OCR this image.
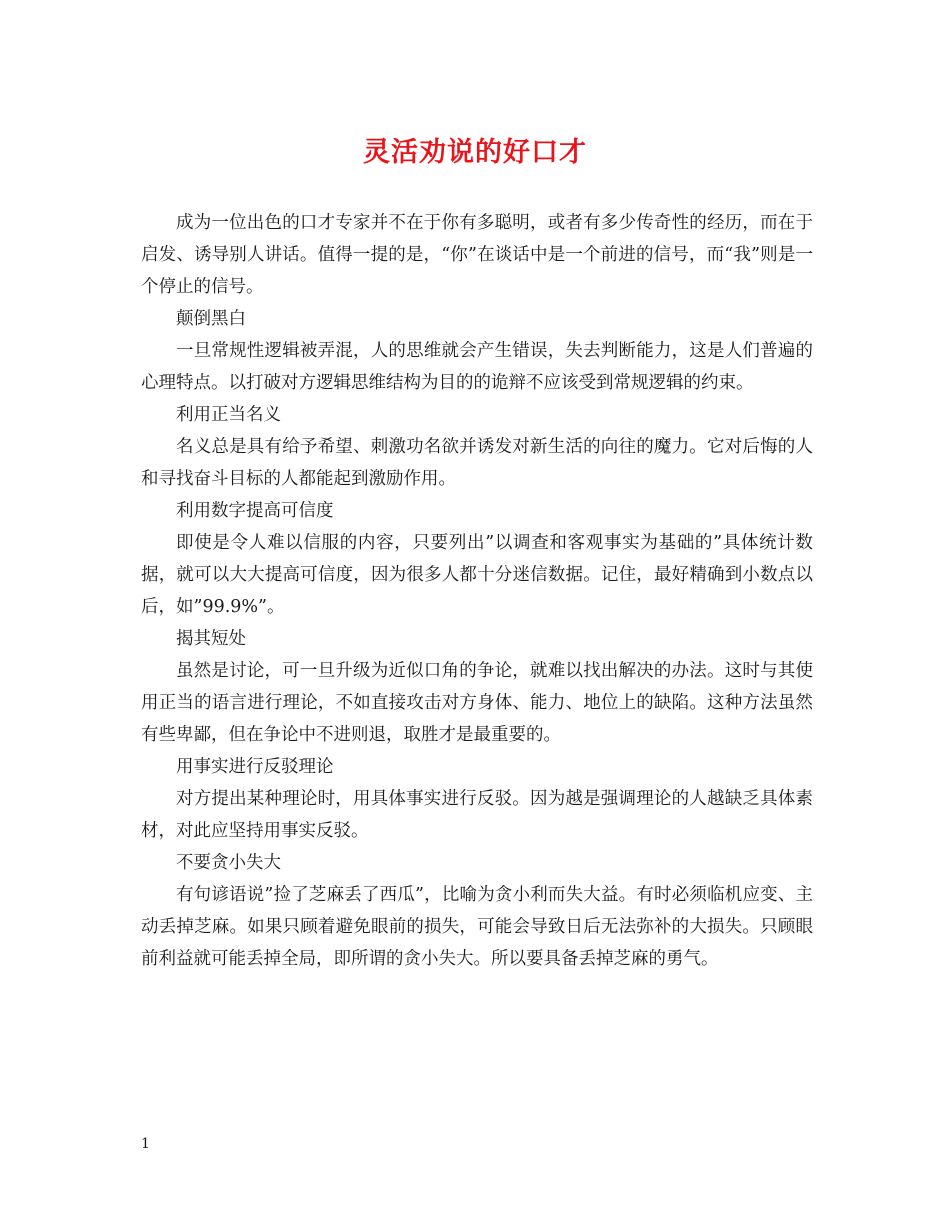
灵活劝说的好口才

成为一位出色的口才专家并不在于你有多聪明，或者有多少传奇性的经历，而在于启发、诱导别人讲话。值得一提的是，“你”在谈话中是一个前进的信号，而“我”则是一个停止的信号。

颠倒黑白

一旦常规性逻辑被弄混，人的思维就会产生错误，失去判断能力，这是人们普遍的心理特点。以打破对方逻辑思维结构为目的的诡辩不应该受到常规逻辑的约束。

利用正当名义

名义总是具有给予希望、刺激功名欲并诱发对新生活的向往的魔力。它对后悔的人和寻找奋斗目标的人都能起到激励作用。

利用数字提高可信度

即使是令人难以信服的内容，只要列出”以调查和客观事实为基础的”具体统计数据，就可以大大提高可信度，因为很多人都十分迷信数据。记住，最好精确到小数点以后，如”99.9%”。

揭其短处

虽然是讨论，可一旦升级为近似口角的争论，就难以找出解决的办法。这时与其使用正当的语言进行理论，不如直接攻击对方身体、能力、地位上的缺陷。这种方法虽然有些卑鄙，但在争论中不进则退，取胜才是最重要的。

用事实进行反驳理论

对方提出某种理论时，用具体事实进行反驳。因为越是强调理论的人越缺乏具体素材，对此应坚持用事实反驳。

不要贪小失大

有句谚语说”捡了芝麻丢了西瓜”，比喻为贪小利而失大益。有时必须临机应变、主动丢掉芝麻。如果只顾着避免眼前的损失，可能会导致日后无法弥补的大损失。只顾眼前利益就可能丢掉全局，即所谓的贪小失大。所以要具备丢掉芝麻的勇气。

1
